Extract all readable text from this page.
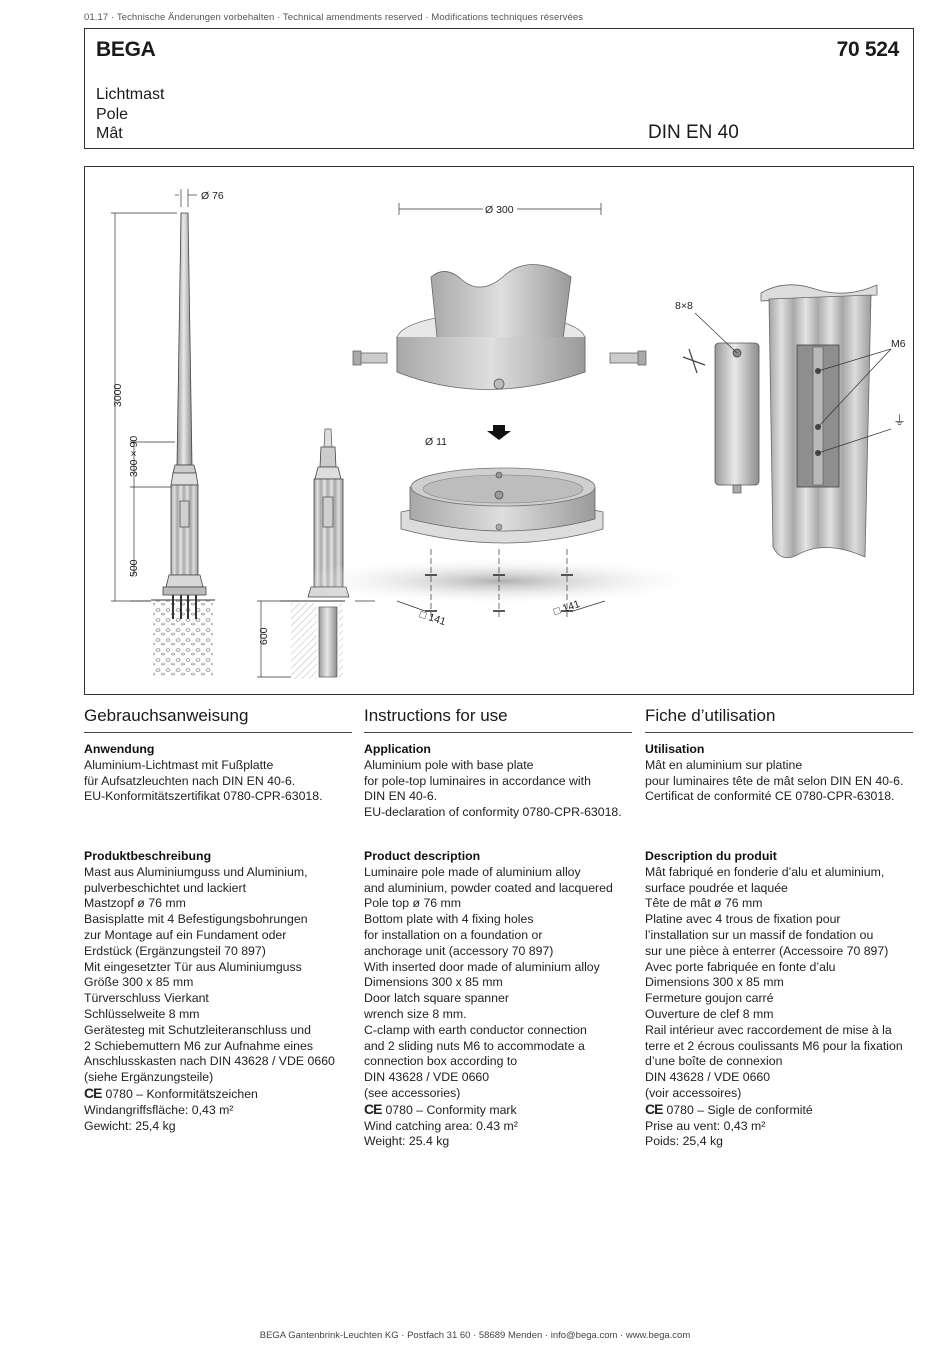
01.17 · Technische Änderungen vorbehalten · Technical amendments reserved · Modifications techniques réservées
BEGA	70 524
Lichtmast
Pole
Mât	DIN EN 40
Ø 76
3000
300 × 90
500
600
Ø 300
Ø 11
□ 141
□ 141
8×8
M6
⏚
Gebrauchsanweisung
Anwendung
Aluminium-Lichtmast mit Fußplatte
für Aufsatzleuchten nach DIN EN 40-6.
EU-Konformitätszertifikat 0780-CPR-63018.
Produktbeschreibung
Mast aus Aluminiumguss und Aluminium,
pulverbeschichtet und lackiert
Mastzopf ø 76 mm
Basisplatte mit 4 Befestigungsbohrungen
zur Montage auf ein Fundament oder
Erdstück (Ergänzungsteil 70 897)
Mit eingesetzter Tür aus Aluminiumguss
Größe 300 x 85 mm
Türverschluss Vierkant
Schlüsselweite 8 mm
Gerätesteg mit Schutzleiteranschluss und
2 Schiebemuttern M6 zur Aufnahme eines
Anschlusskasten nach DIN 43628 / VDE 0660
(siehe Ergänzungsteile)
CE 0780 – Konformitätszeichen
Windangriffsfläche: 0,43 m²
Gewicht: 25,4 kg
Instructions for use
Application
Aluminium pole with base plate
for pole-top luminaires in accordance with
DIN EN 40-6.
EU-declaration of conformity 0780-CPR-63018.
Product description
Luminaire pole made of aluminium alloy
and aluminium, powder coated and lacquered
Pole top ø 76 mm
Bottom plate with 4 fixing holes
for installation on a foundation or
anchorage unit (accessory 70 897)
With inserted door made of aluminium alloy
Dimensions 300 x 85 mm
Door latch square spanner
wrench size 8 mm.
C-clamp with earth conductor connection
and 2 sliding nuts M6 to accommodate a
connection box according to
DIN 43628 / VDE 0660
(see accessories)
CE 0780 – Conformity mark
Wind catching area: 0.43 m²
Weight: 25.4 kg
Fiche d’utilisation
Utilisation
Mât en aluminium sur platine
pour luminaires tête de mât selon DIN EN 40-6.
Certificat de conformité CE 0780-CPR-63018.
Description du produit
Mât fabriqué en fonderie d’alu et aluminium,
surface poudrée et laquée
Tête de mât ø 76 mm
Platine avec 4 trous de fixation pour
l’installation sur un massif de fondation ou
sur une pièce à enterrer (Accessoire 70 897)
Avec porte fabriquée en fonte d’alu
Dimensions 300 x 85 mm
Fermeture goujon carré
Ouverture de clef 8 mm
Rail intérieur avec raccordement de mise à la
terre et 2 écrous coulissants M6 pour la fixation
d’une boîte de connexion
DIN 43628 / VDE 0660
(voir accessoires)
CE 0780 – Sigle de conformité
Prise au vent: 0,43 m²
Poids: 25,4 kg
BEGA Gantenbrink-Leuchten KG · Postfach 31 60 · 58689 Menden · info@bega.com · www.bega.com
